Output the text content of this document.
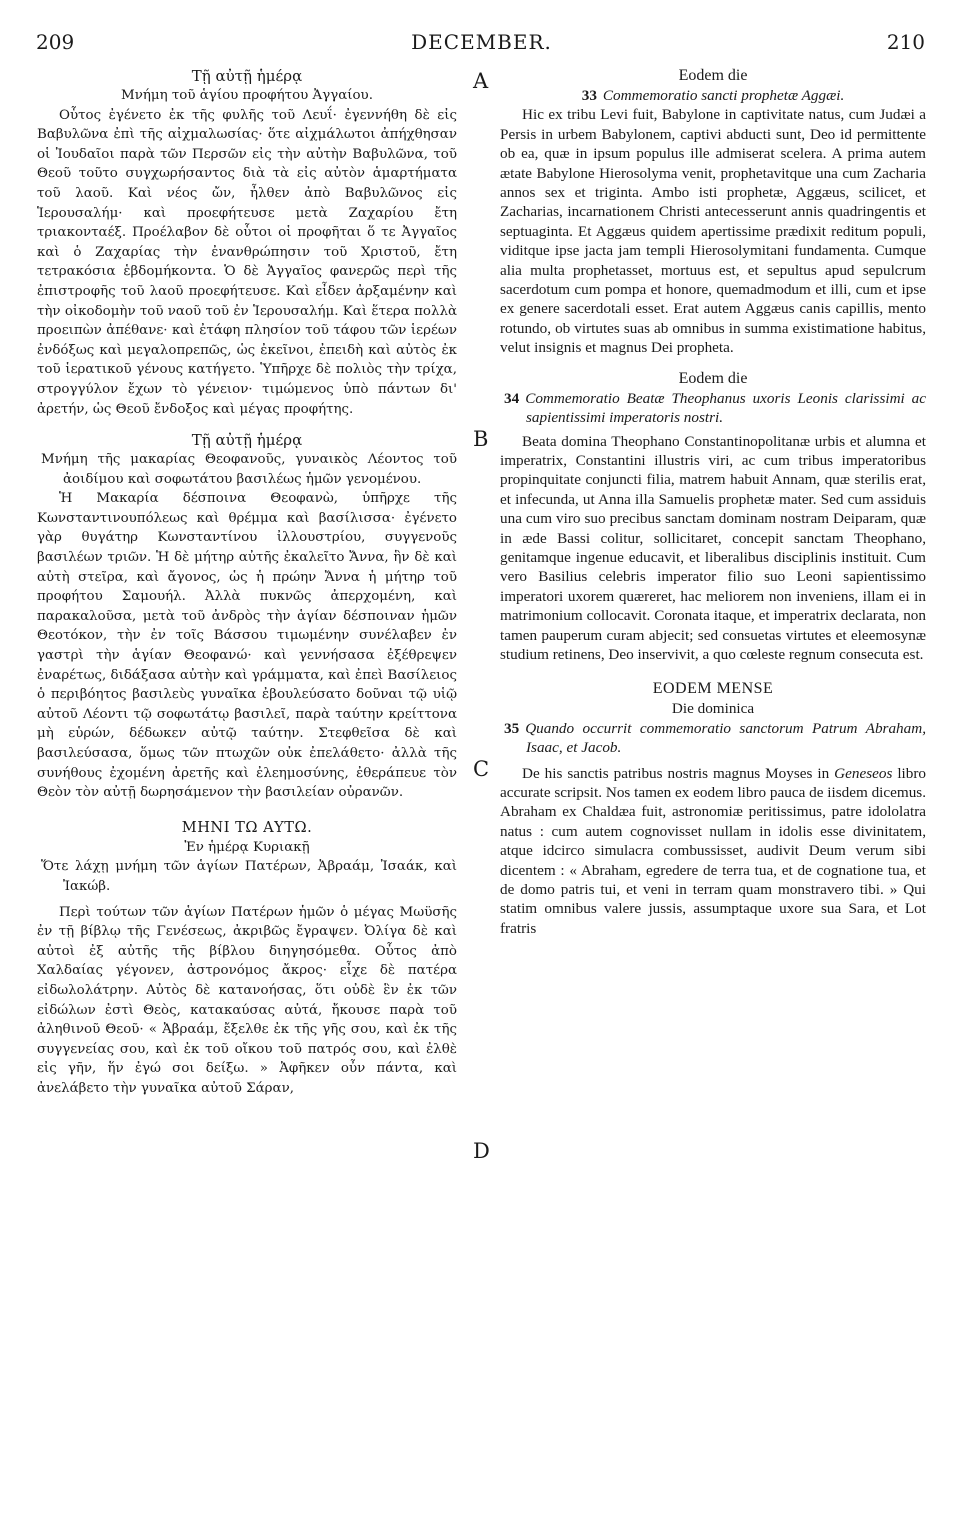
209	DECEMBER.	210
A
B
C
D

Τῇ αὐτῇ ἡμέρᾳ

Μνήμη τοῦ ἁγίου προφήτου Ἀγγαίου.

Οὗτος ἐγένετο ἐκ τῆς φυλῆς τοῦ Λευΐ· ἐγεννήθη δὲ εἰς Βαβυλῶνα ἐπὶ τῆς αἰχμαλωσίας· ὅτε αἰχμάλωτοι ἀπήχθησαν οἱ Ἰουδαῖοι παρὰ τῶν Περσῶν εἰς τὴν αὐτὴν Βαβυλῶνα, τοῦ Θεοῦ τοῦτο συγχωρήσαντος διὰ τὰ εἰς αὐτὸν ἁμαρτήματα τοῦ λαοῦ. Καὶ νέος ὤν, ἦλθεν ἀπὸ Βαβυλῶνος εἰς Ἱερουσαλήμ· καὶ προεφήτευσε μετὰ Ζαχαρίου ἔτη τριακονταέξ. Προέλαβον δὲ οὗτοι οἱ προφῆται ὅ τε Ἀγγαῖος καὶ ὁ Ζαχαρίας τὴν ἐνανθρώπησιν τοῦ Χριστοῦ, ἔτη τετρακόσια ἑβδομήκοντα. Ὁ δὲ Ἀγγαῖος φανερῶς περὶ τῆς ἐπιστροφῆς τοῦ λαοῦ προεφήτευσε. Καὶ εἶδεν ἀρξαμένην καὶ τὴν οἰκοδομὴν τοῦ ναοῦ τοῦ ἐν Ἱερουσαλήμ. Καὶ ἕτερα πολλὰ προειπὼν ἀπέθανε· καὶ ἐτάφη πλησίον τοῦ τάφου τῶν ἱερέων ἐνδόξως καὶ μεγαλοπρεπῶς, ὡς ἐκεῖνοι, ἐπειδὴ καὶ αὐτὸς ἐκ τοῦ ἱερατικοῦ γένους κατήγετο. Ὑπῆρχε δὲ πολιὸς τὴν τρίχα, στρογγύλον ἔχων τὸ γένειον· τιμώμενος ὑπὸ πάντων δι' ἀρετήν, ὡς Θεοῦ ἔνδοξος καὶ μέγας προφήτης.

Τῇ αὐτῇ ἡμέρᾳ

Μνήμη τῆς μακαρίας Θεοφανοῦς, γυναικὸς Λέοντος τοῦ ἀοιδίμου καὶ σοφωτάτου βασιλέως ἡμῶν γενομένου.

Ἡ Μακαρία δέσποινα Θεοφανὼ, ὑπῆρχε τῆς Κωνσταντινουπόλεως καὶ θρέμμα καὶ βασίλισσα· ἐγένετο γὰρ θυγάτηρ Κωνσταντίνου ἰλλουστρίου, συγγενοῦς βασιλέων τριῶν. Ἡ δὲ μήτηρ αὐτῆς ἐκαλεῖτο Ἄννα, ἣν δὲ καὶ αὐτὴ στεῖρα, καὶ ἄγονος, ὡς ἡ πρώην Ἄννα ἡ μήτηρ τοῦ προφήτου Σαμουήλ. Ἀλλὰ πυκνῶς ἀπερχομένη, καὶ παρακαλοῦσα, μετὰ τοῦ ἀνδρὸς τὴν ἁγίαν δέσποιναν ἡμῶν Θεοτόκον, τὴν ἐν τοῖς Βάσσου τιμωμένην συνέλαβεν ἐν γαστρὶ τὴν ἁγίαν Θεοφανώ· καὶ γεννήσασα ἐξέθρεψεν ἐναρέτως, διδάξασα αὐτὴν καὶ γράμματα, καὶ ἐπεὶ Βασίλειος ὁ περιβόητος βασιλεὺς γυναῖκα ἐβουλεύσατο δοῦναι τῷ υἱῷ αὐτοῦ Λέοντι τῷ σοφωτάτῳ βασιλεῖ, παρὰ ταύτην κρείττονα μὴ εὑρών, δέδωκεν αὐτῷ ταύτην. Στεφθεῖσα δὲ καὶ βασιλεύσασα, ὅμως τῶν πτωχῶν οὐκ ἐπελάθετο· ἀλλὰ τῆς συνήθους ἐχομένη ἀρετῆς καὶ ἐλεημοσύνης, ἐθεράπευε τὸν Θεὸν τὸν αὐτῇ δωρησάμενον τὴν βασιλείαν οὐρανῶν.

ΜΗΝΙ ΤΩ ΑΥΤΩ.

Ἐν ἡμέρᾳ Κυριακῇ

Ὅτε λάχῃ μνήμη τῶν ἁγίων Πατέρων, Ἀβραάμ, Ἰσαάκ, καὶ Ἰακώβ.

Περὶ τούτων τῶν ἁγίων Πατέρων ἡμῶν ὁ μέγας Μωϋσῆς ἐν τῇ βίβλῳ τῆς Γενέσεως, ἀκριβῶς ἔγραψεν. Ὀλίγα δὲ καὶ αὐτοὶ ἐξ αὐτῆς τῆς βίβλου διηγησόμεθα. Οὗτος ἀπὸ Χαλδαίας γέγονεν, ἀστρονόμος ἄκρος· εἶχε δὲ πατέρα εἰδωλολάτρην. Αὐτὸς δὲ κατανοήσας, ὅτι οὐδὲ ἓν ἐκ τῶν εἰδώλων ἐστὶ Θεὸς, κατακαύσας αὐτά, ἤκουσε παρὰ τοῦ ἀληθινοῦ Θεοῦ· « Ἀβραάμ, ἔξελθε ἐκ τῆς γῆς σου, καὶ ἐκ τῆς συγγενείας σου, καὶ ἐκ τοῦ οἴκου τοῦ πατρός σου, καὶ ἐλθὲ εἰς γῆν, ἥν ἐγώ σοι δείξω. » Ἀφῆκεν οὖν πάντα, καὶ ἀνελάβετο τὴν γυναῖκα αὐτοῦ Σάραν,

Eodem die

33 Commemoratio sancti prophetæ Aggæi.

Hic ex tribu Levi fuit, Babylone in captivitate natus, cum Judæi a Persis in urbem Babylonem, captivi abducti sunt, Deo id permittente ob ea, quæ in ipsum populus ille admiserat scelera. A prima autem ætate Babylone Hierosolyma venit, prophetavitque una cum Zacharia annos sex et triginta. Ambo isti prophetæ, Aggæus, scilicet, et Zacharias, incarnationem Christi antecesserunt annis quadringentis et septuaginta. Et Aggæus quidem apertissime prædixit reditum populi, viditque ipse jacta jam templi Hierosolymitani fundamenta. Cumque alia multa prophetasset, mortuus est, et sepultus apud sepulcrum sacerdotum cum pompa et honore, quemadmodum et illi, cum et ipse ex genere sacerdotali esset. Erat autem Aggæus canis capillis, mento rotundo, ob virtutes suas ab omnibus in summa existimatione habitus, velut insignis et magnus Dei propheta.

Eodem die

34 Commemoratio Beatæ Theophanus uxoris Leonis clarissimi ac sapientissimi imperatoris nostri.

Beata domina Theophano Constantinopolitanæ urbis et alumna et imperatrix, Constantini illustris viri, ac cum tribus imperatoribus propinquitate conjuncti filia, matrem habuit Annam, quæ sterilis erat, et infecunda, ut Anna illa Samuelis prophetæ mater. Sed cum assiduis una cum viro suo precibus sanctam dominam nostram Deiparam, quæ in æde Bassi colitur, sollicitaret, concepit sanctam Theophano, genitamque ingenue educavit, et liberalibus disciplinis instituit. Cum vero Basilius celebris imperator filio suo Leoni sapientissimo imperatori uxorem quæreret, hac meliorem non inveniens, illam ei in matrimonium collocavit. Coronata itaque, et imperatrix declarata, non tamen pauperum curam abjecit; sed consuetas virtutes et eleemosynæ studium retinens, Deo inservivit, a quo cœleste regnum consecuta est.

EODEM MENSE

Die dominica

35 Quando occurrit commemoratio sanctorum Patrum Abraham, Isaac, et Jacob.

De his sanctis patribus nostris magnus Moyses in Geneseos libro accurate scripsit. Nos tamen ex eodem libro pauca de iisdem dicemus. Abraham ex Chaldæa fuit, astronomiæ peritissimus, patre idololatra natus : cum autem cognovisset nullam in idolis esse divinitatem, atque idcirco simulacra combussisset, audivit Deum verum sibi dicentem : « Abraham, egredere de terra tua, et de cognatione tua, et de domo patris tui, et veni in terram quam monstravero tibi. » Qui statim omnibus valere jussis, assumptaque uxore sua Sara, et Lot fratris
